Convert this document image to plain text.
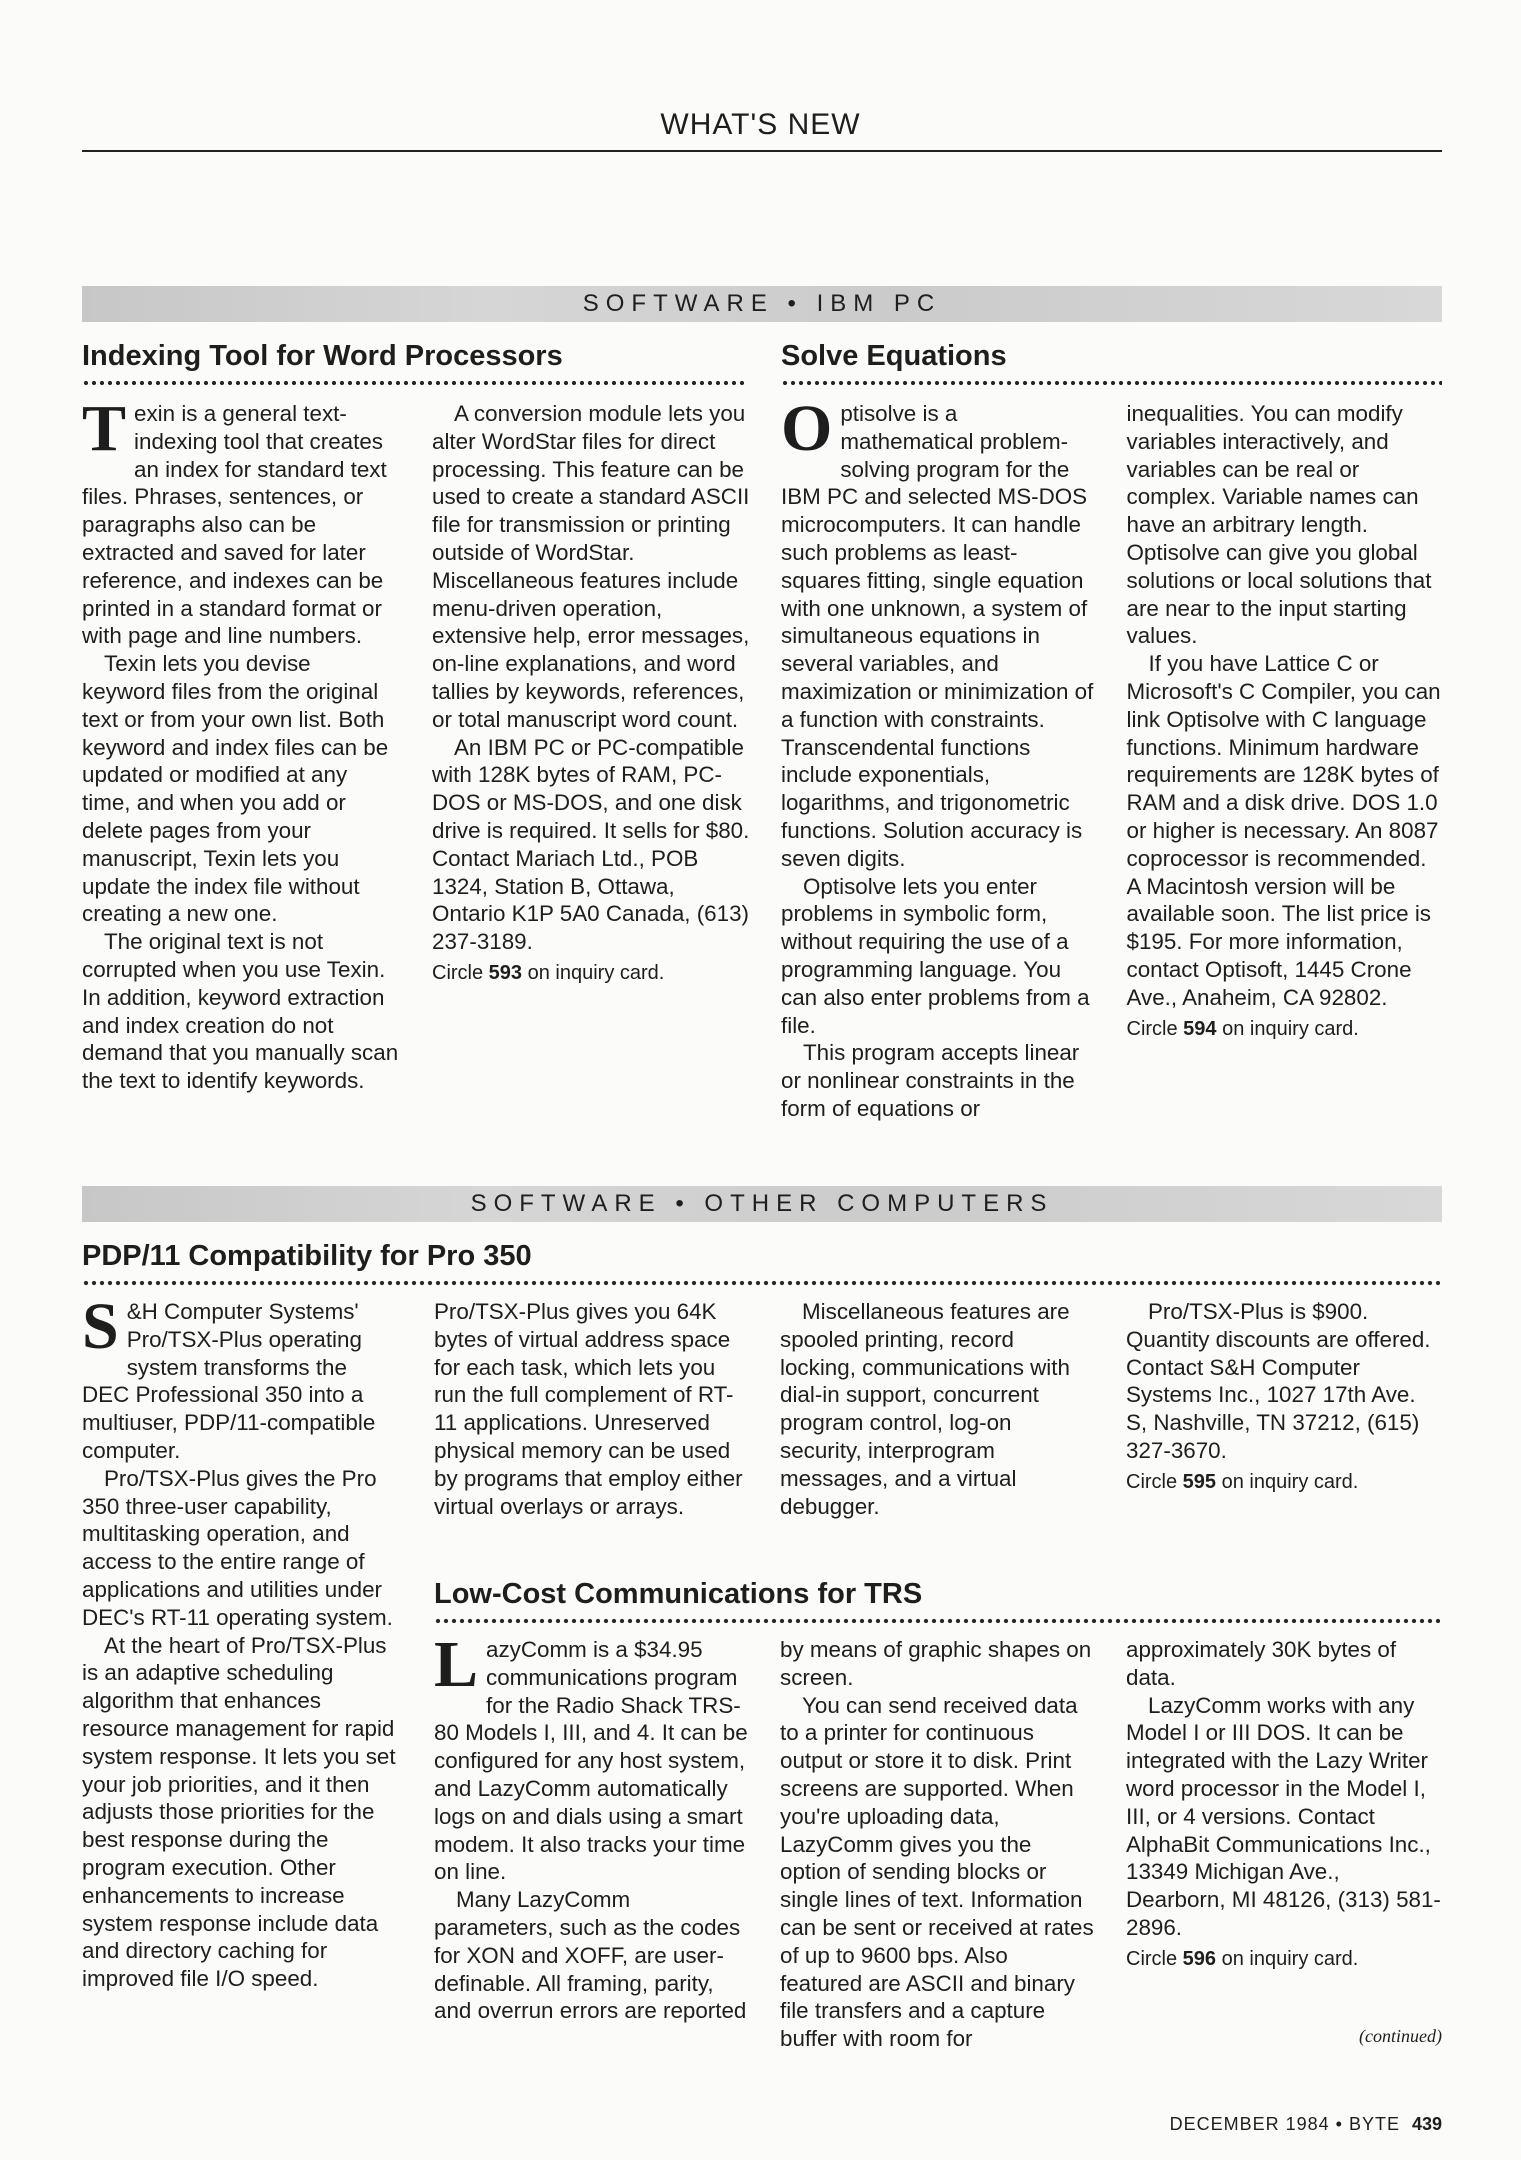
WHAT'S NEW
SOFTWARE • IBM PC
Indexing Tool for Word Processors	Solve Equations

Texin is a general text-indexing tool that creates an index for standard text files. Phrases, sentences, or paragraphs also can be extracted and saved for later reference, and indexes can be printed in a standard format or with page and line numbers.

Texin lets you devise keyword files from the original text or from your own list. Both keyword and index files can be updated or modified at any time, and when you add or delete pages from your manuscript, Texin lets you update the index file without creating a new one.

The original text is not corrupted when you use Texin. In addition, keyword extraction and index creation do not demand that you manually scan the text to identify keywords.

A conversion module lets you alter WordStar files for direct processing. This feature can be used to create a standard ASCII file for transmission or printing outside of WordStar. Miscellaneous features include menu-driven operation, extensive help, error messages, on-line explanations, and word tallies by keywords, references, or total manuscript word count.

An IBM PC or PC-compatible with 128K bytes of RAM, PC-DOS or MS-DOS, and one disk drive is required. It sells for $80. Contact Mariach Ltd., POB 1324, Station B, Ottawa, Ontario K1P 5A0 Canada, (613) 237-3189.

Circle 593 on inquiry card.

Optisolve is a mathematical problem-solving program for the IBM PC and selected MS-DOS microcomputers. It can handle such problems as least-squares fitting, single equation with one unknown, a system of simultaneous equations in several variables, and maximization or minimization of a function with constraints. Transcendental functions include exponentials, logarithms, and trigonometric functions. Solution accuracy is seven digits.

Optisolve lets you enter problems in symbolic form, without requiring the use of a programming language. You can also enter problems from a file.

This program accepts linear or nonlinear constraints in the form of equations or inequalities. You can modify variables interactively, and variables can be real or complex. Variable names can have an arbitrary length. Optisolve can give you global solutions or local solutions that are near to the input starting values.

If you have Lattice C or Microsoft's C Compiler, you can link Optisolve with C language functions. Minimum hardware requirements are 128K bytes of RAM and a disk drive. DOS 1.0 or higher is necessary. An 8087 coprocessor is recommended. A Macintosh version will be available soon. The list price is $195. For more information, contact Optisoft, 1445 Crone Ave., Anaheim, CA 92802.

Circle 594 on inquiry card.

SOFTWARE • OTHER COMPUTERS
PDP/11 Compatibility for Pro 350

S &H Computer Systems' Pro/TSX-Plus operating system transforms the DEC Professional 350 into a multiuser, PDP/11-compatible computer.

Pro/TSX-Plus gives the Pro 350 three-user capability, multitasking operation, and access to the entire range of applications and utilities under DEC's RT-11 operating system.

At the heart of Pro/TSX-Plus is an adaptive scheduling algorithm that enhances resource management for rapid system response. It lets you set your job priorities, and it then adjusts those priorities for the best response during the program execution. Other enhancements to increase system response include data and directory caching for improved file I/O speed.

Pro/TSX-Plus gives you 64K bytes of virtual address space for each task, which lets you run the full complement of RT-11 applications. Unreserved physical memory can be used by programs that employ either virtual overlays or arrays.

Miscellaneous features are spooled printing, record locking, communications with dial-in support, concurrent program control, log-on security, interprogram messages, and a virtual debugger.

Pro/TSX-Plus is $900. Quantity discounts are offered. Contact S&H Computer Systems Inc., 1027 17th Ave. S, Nashville, TN 37212, (615) 327-3670.

Circle 595 on inquiry card.

Low-Cost Communications for TRS

LazyComm is a $34.95 communications program for the Radio Shack TRS-80 Models I, III, and 4. It can be configured for any host system, and LazyComm automatically logs on and dials using a smart modem. It also tracks your time on line.

Many LazyComm parameters, such as the codes for XON and XOFF, are user-definable. All framing, parity, and overrun errors are reported by means of graphic shapes on screen.

You can send received data to a printer for continuous output or store it to disk. Print screens are supported. When you're uploading data, LazyComm gives you the option of sending blocks or single lines of text. Information can be sent or received at rates of up to 9600 bps. Also featured are ASCII and binary file transfers and a capture buffer with room for approximately 30K bytes of data.

LazyComm works with any Model I or III DOS. It can be integrated with the Lazy Writer word processor in the Model I, III, or 4 versions. Contact AlphaBit Communications Inc., 13349 Michigan Ave., Dearborn, MI 48126, (313) 581-2896.

Circle 596 on inquiry card.

(continued)
DECEMBER 1984 • BYTE 439
